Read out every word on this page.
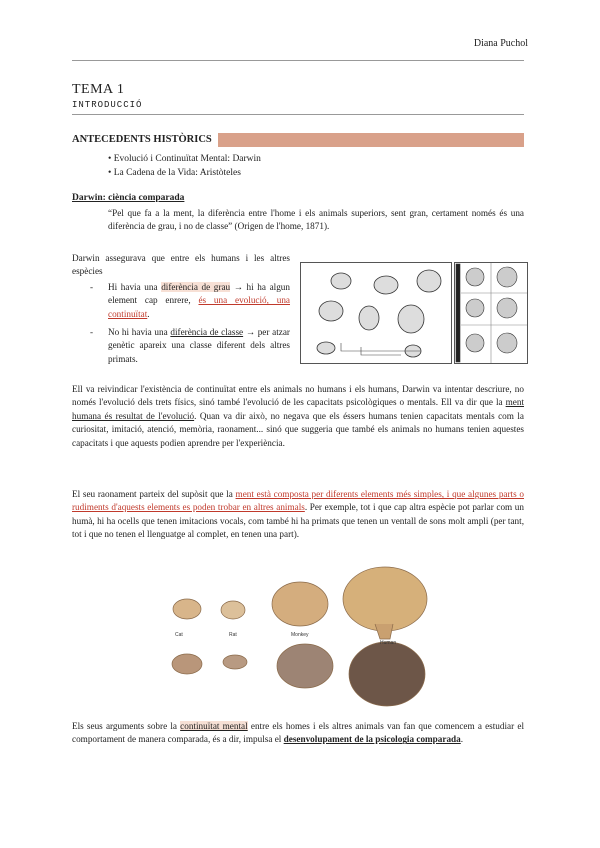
Diana Puchol
TEMA 1
INTRODUCCIÓ
ANTECEDENTS HISTÒRICS
• Evolució i Continuïtat Mental: Darwin
• La Cadena de la Vida: Aristòteles
Darwin: ciència comparada
“Pel que fa a la ment, la diferència entre l'home i els animals superiors, sent gran, certament només és una diferència de grau, i no de classe” (Origen de l'home, 1871).
Darwin assegurava que entre els humans i les altres espècies
- Hi havia una diferència de grau → hi ha algun element cap enrere, és una evolució, una continuïtat.
- No hi havia una diferència de classe → per atzar genètic apareix una classe diferent dels altres primats.
Ell va reivindicar l'existència de continuïtat entre els animals no humans i els humans, Darwin va intentar descriure, no només l'evolució dels trets físics, sinó també l'evolució de les capacitats psicològiques o mentals. Ell va dir que la ment humana és resultat de l'evolució. Quan va dir això, no negava que els éssers humans tenien capacitats mentals com la curiositat, imitació, atenció, memòria, raonament... sinó que suggeria que també els animals no humans tenien aquestes capacitats i que aquests podien aprendre per l'experiència.
El seu raonament parteix del supòsit que la ment està composta per diferents elements més simples, i que algunes parts o rudiments d'aquests elements es poden trobar en altres animals. Per exemple, tot i que cap altra espècie pot parlar com un humà, hi ha ocells que tenen imitacions vocals, com també hi ha primats que tenen un ventall de sons molt ampli (per tant, tot i que no tenen el llenguatge al complet, en tenen una part).
Cat	Rat	Monkey
Human
Els seus arguments sobre la continuïtat mental entre els homes i els altres animals van fan que comencem a estudiar el comportament de manera comparada, és a dir, impulsa el desenvolupament de la psicologia comparada.
